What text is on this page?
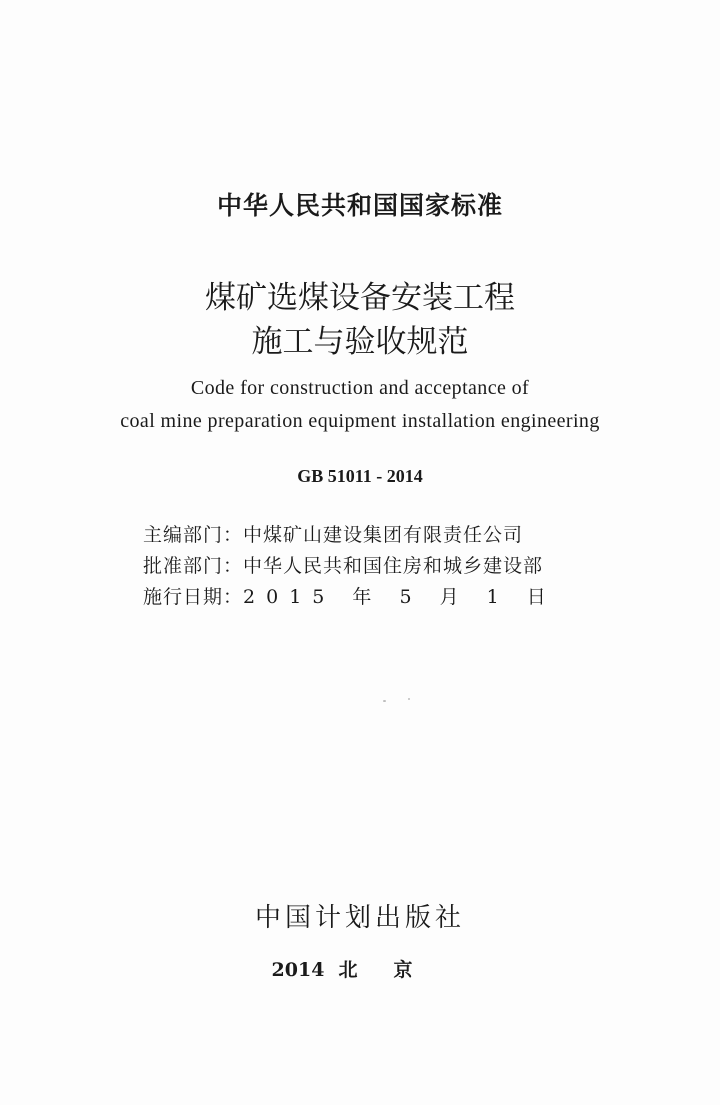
中华人民共和国国家标准
煤矿选煤设备安装工程
施工与验收规范
Code for construction and acceptance of
coal mine preparation equipment installation engineering
GB 51011 - 2014
主编部门：中煤矿山建设集团有限责任公司
批准部门：中华人民共和国住房和城乡建设部
施行日期：2015 年 5 月 1 日
中国计划出版社
2014 北京
